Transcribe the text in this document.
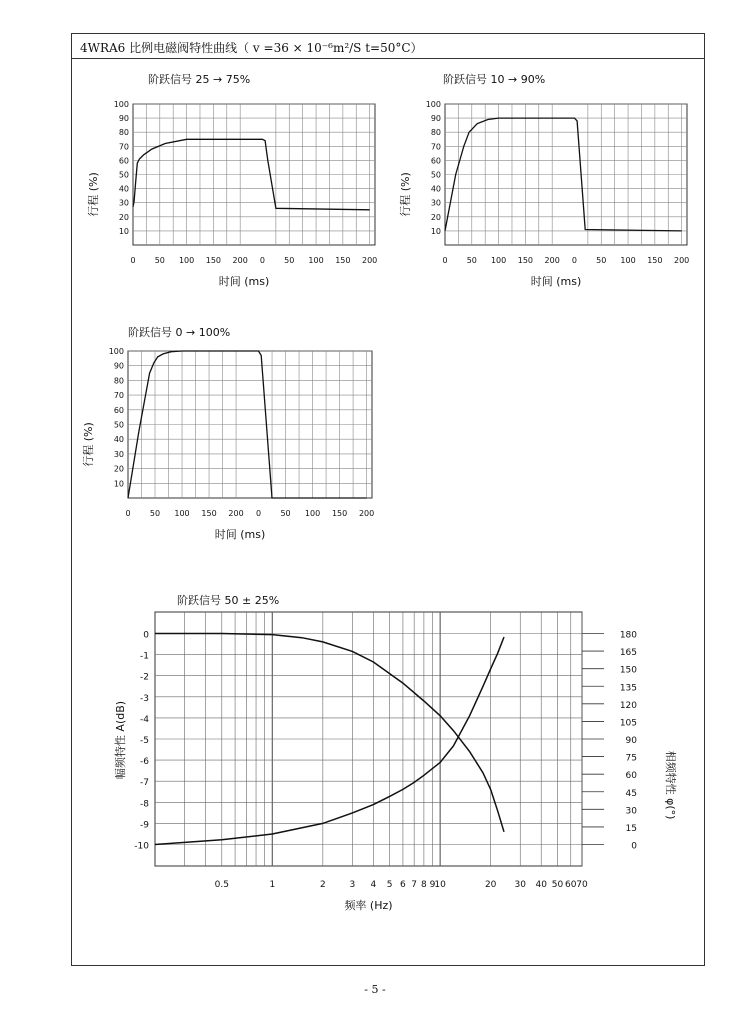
4WRA6 比例电磁阀特性曲线（ v =36 × 10⁻⁶m²/S t=50°C）
阶跃信号 25 → 75%
10
20
30
40
50
60
70
80
90
100
0 50 100 150 200 0 50 100 150 200
时间 (ms)
行程 (%)
阶跃信号 10 → 90%
10
20
30
40
50
60
70
80
90
100
0 50 100 150 200 0 50 100 150 200
时间 (ms)
行程 (%)
阶跃信号 0 → 100%
10
20
30
40
50
60
70
80
90
100
0 50 100 150 200 0 50 100 150 200
时间 (ms)
行程 (%)
阶跃信号 50 ± 25%
0
-1
-2
-3
-4
-5
-6
-7
-8
-9
-10
180
165
150
135
120
105
90
75
60
45
30
15
0
0.5	1	2	3 4 5 6 7 8 9 10	20 30 40 50 60 70
频率 (Hz)
幅频特性 A(dB)
相频特性 φ(°)
- 5 -
